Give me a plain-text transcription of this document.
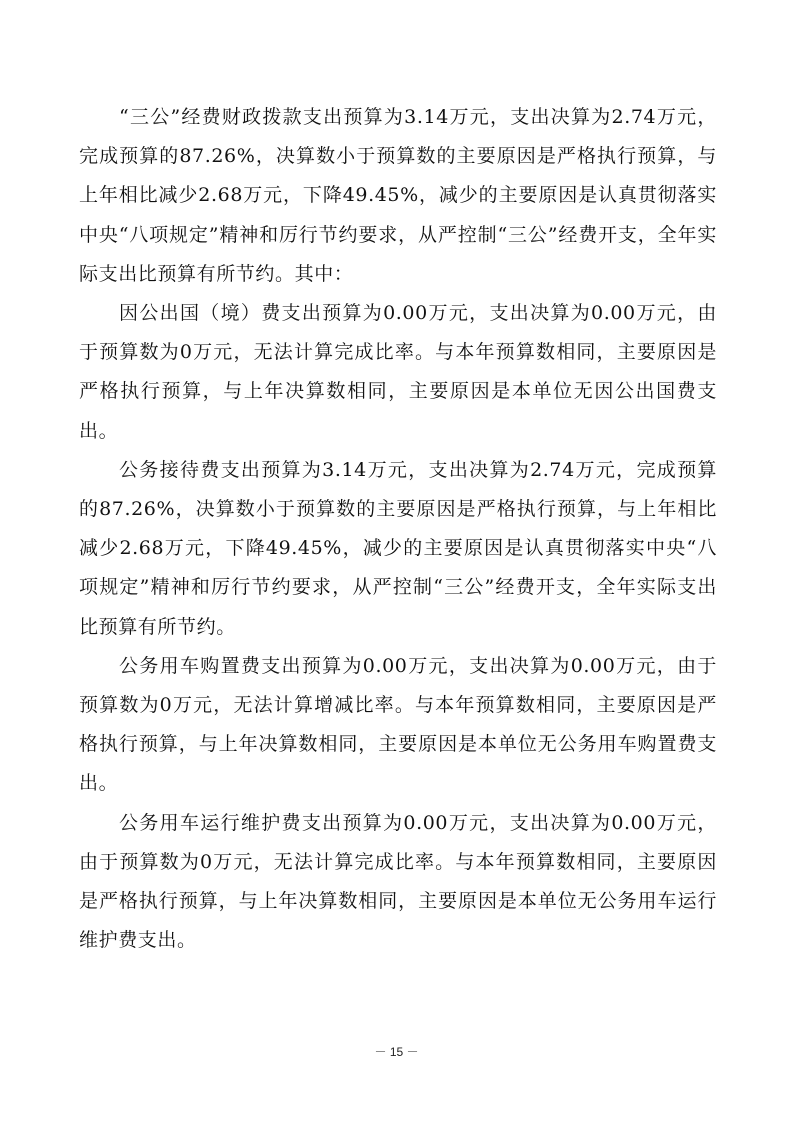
“三公”经费财政拨款支出预算为3.14万元，支出决算为2.74万元，完成预算的87.26%，决算数小于预算数的主要原因是严格执行预算，与上年相比减少2.68万元，下降49.45%，减少的主要原因是认真贯彻落实中央“八项规定”精神和厉行节约要求，从严控制“三公”经费开支，全年实际支出比预算有所节约。其中：

因公出国（境）费支出预算为0.00万元，支出决算为0.00万元，由于预算数为0万元，无法计算完成比率。与本年预算数相同，主要原因是严格执行预算，与上年决算数相同，主要原因是本单位无因公出国费支出。

公务接待费支出预算为3.14万元，支出决算为2.74万元，完成预算的87.26%，决算数小于预算数的主要原因是严格执行预算，与上年相比减少2.68万元，下降49.45%，减少的主要原因是认真贯彻落实中央“八项规定”精神和厉行节约要求，从严控制“三公”经费开支，全年实际支出比预算有所节约。

公务用车购置费支出预算为0.00万元，支出决算为0.00万元，由于预算数为0万元，无法计算增减比率。与本年预算数相同，主要原因是严格执行预算，与上年决算数相同，主要原因是本单位无公务用车购置费支出。

公务用车运行维护费支出预算为0.00万元，支出决算为0.00万元，由于预算数为0万元，无法计算完成比率。与本年预算数相同，主要原因是严格执行预算，与上年决算数相同，主要原因是本单位无公务用车运行维护费支出。

－ 15 －
